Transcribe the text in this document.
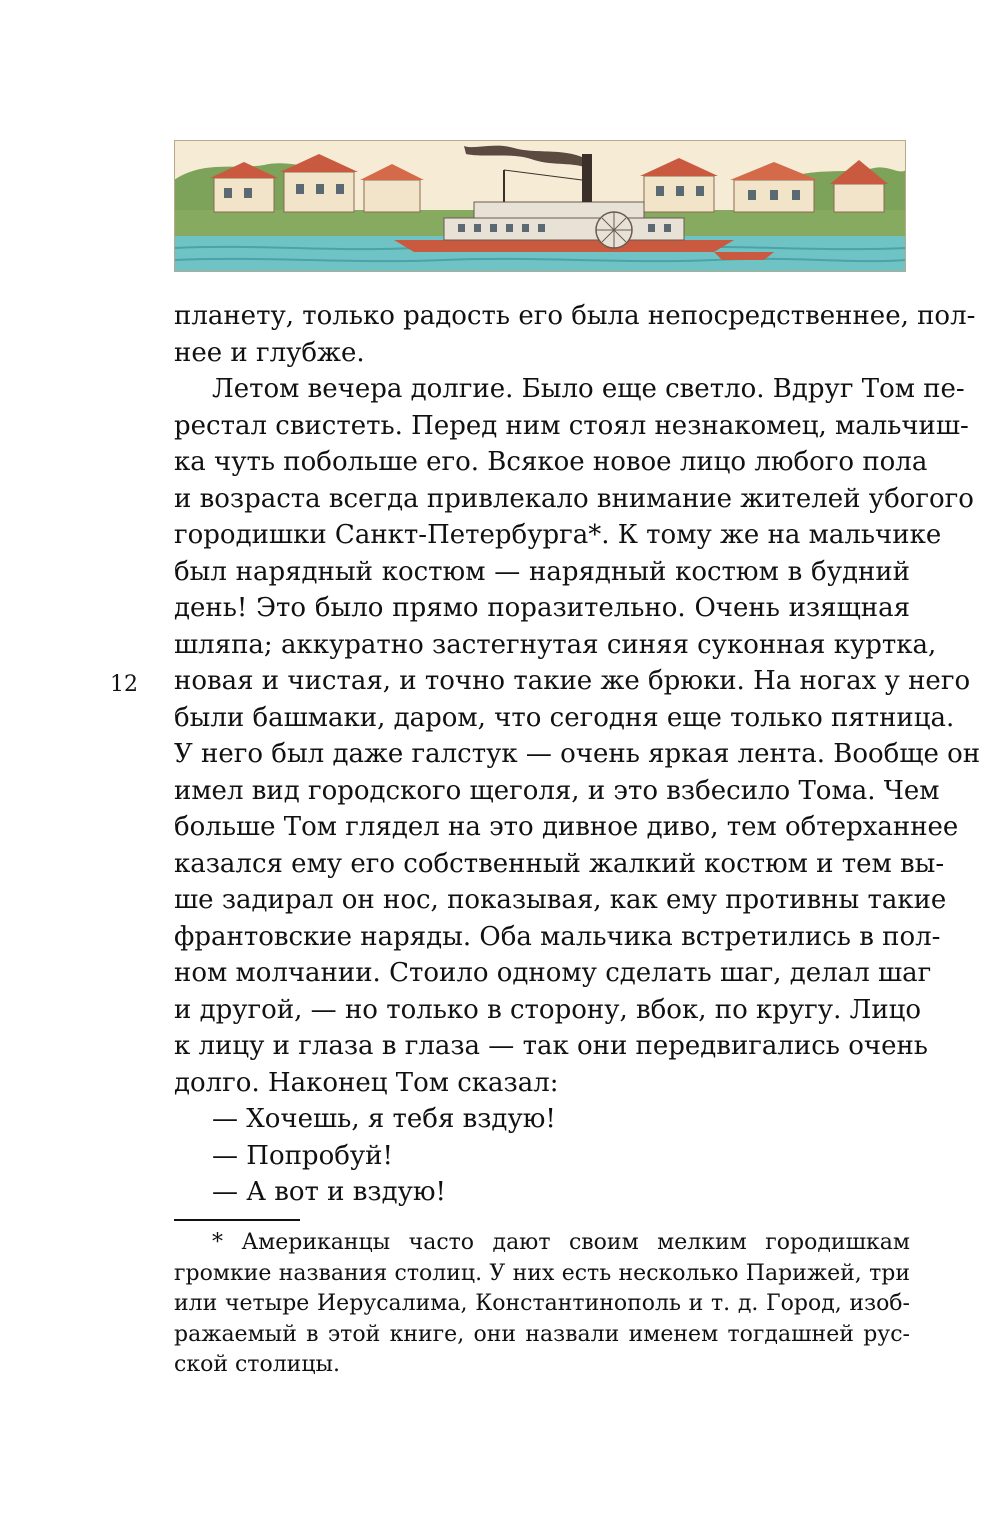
12
планету, только радость его была непосредственнее, пол-
нее и глубже.
Летом вечера долгие. Было еще светло. Вдруг Том пе-
рестал свистеть. Перед ним стоял незнакомец, мальчиш-
ка чуть побольше его. Всякое новое лицо любого пола
и возраста всегда привлекало внимание жителей убогого
городишки Санкт-Петербурга*. К тому же на мальчике
был нарядный костюм — нарядный костюм в будний
день! Это было прямо поразительно. Очень изящная
шляпа; аккуратно застегнутая синяя суконная куртка,
новая и чистая, и точно такие же брюки. На ногах у него
были башмаки, даром, что сегодня еще только пятница.
У него был даже галстук — очень яркая лента. Вообще он
имел вид городского щеголя, и это взбесило Тома. Чем
больше Том глядел на это дивное диво, тем обтерханнее
казался ему его собственный жалкий костюм и тем вы-
ше задирал он нос, показывая, как ему противны такие
франтовские наряды. Оба мальчика встретились в пол-
ном молчании. Стоило одному сделать шаг, делал шаг
и другой, — но только в сторону, вбок, по кругу. Лицо
к лицу и глаза в глаза — так они передвигались очень
долго. Наконец Том сказал:
— Хочешь, я тебя вздую!
— Попробуй!
— А вот и вздую!
* Американцы часто дают своим мелким городишкам
громкие названия столиц. У них есть несколько Парижей, три
или четыре Иерусалима, Константинополь и т. д. Город, изоб-
ражаемый в этой книге, они назвали именем тогдашней рус-
ской столицы.
